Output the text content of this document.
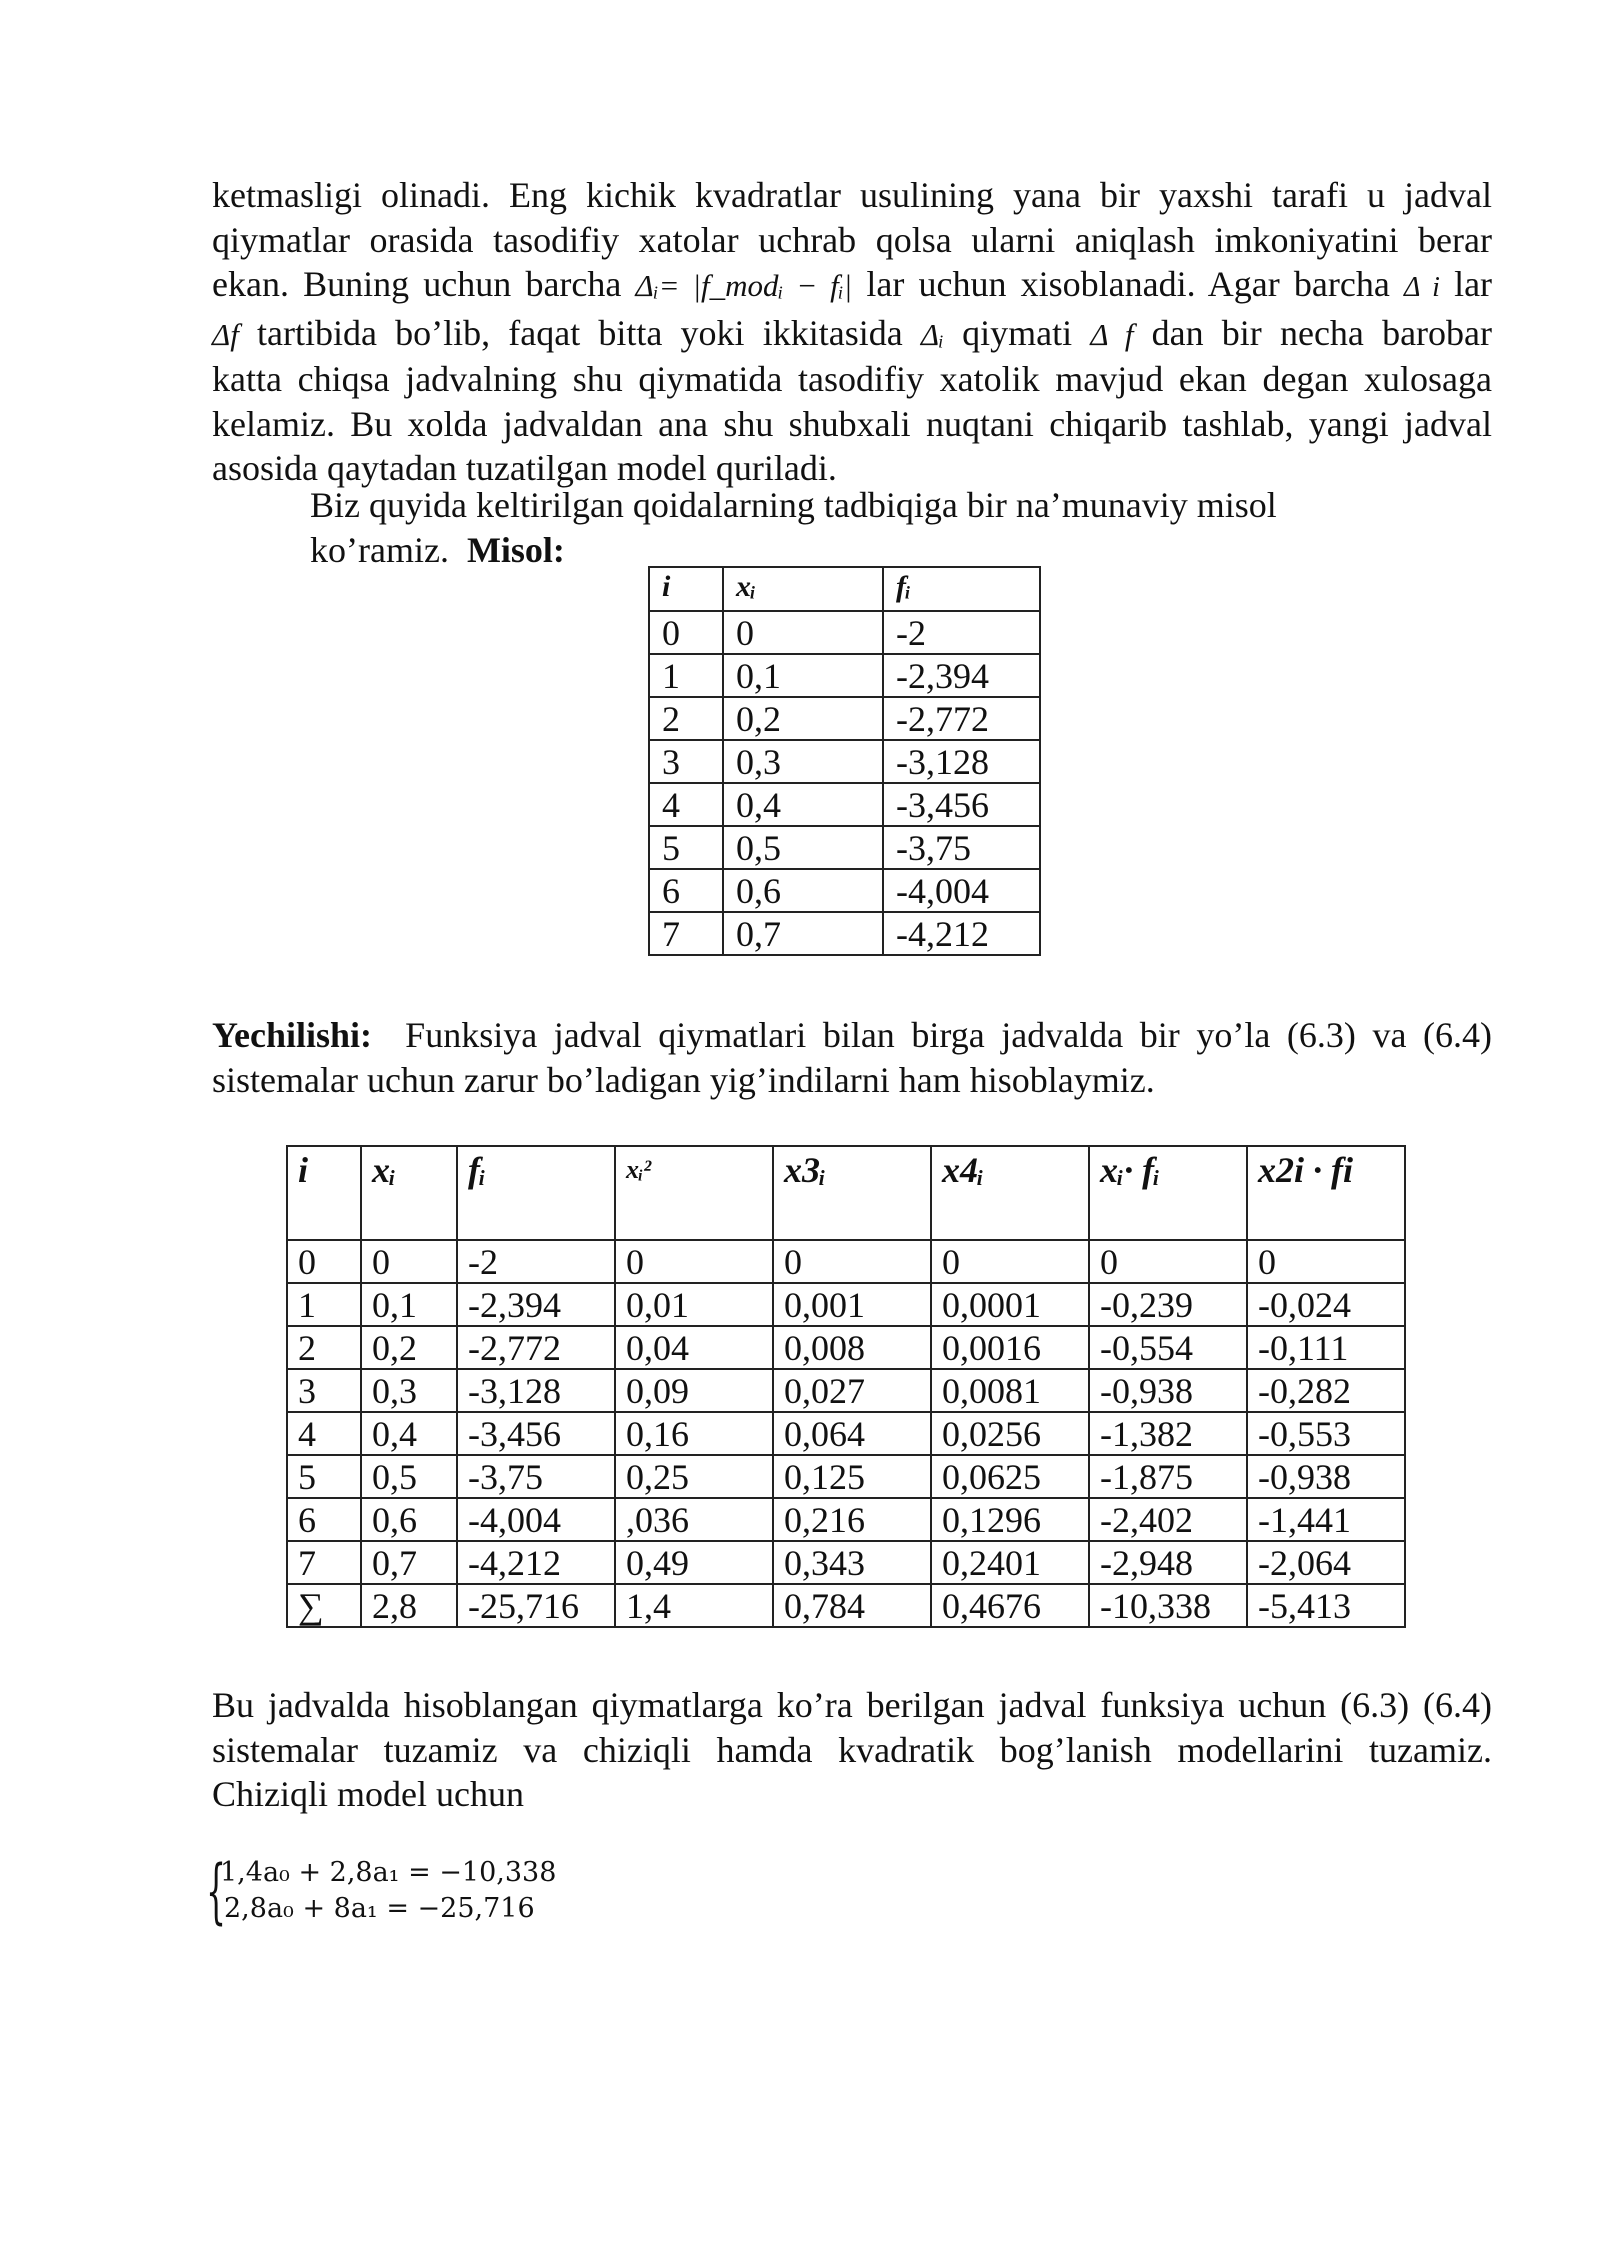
ketmasligi olinadi. Eng kichik kvadratlar usulining yana bir yaxshi tarafi u jadval
qiymatlar orasida tasodifiy xatolar uchrab qolsa ularni aniqlash imkoniyatini berar
ekan. Buning uchun barcha Δᵢ= |f_modᵢ − fᵢ| lar uchun xisoblanadi. Agar barcha Δ i lar
Δf tartibida bo’lib, faqat bitta yoki ikkitasida Δᵢ qiymati Δ f dan bir necha barobar
katta chiqsa jadvalning shu qiymatida tasodifiy xatolik mavjud ekan degan xulosaga
kelamiz. Bu xolda jadvaldan ana shu shubxali nuqtani chiqarib tashlab, yangi jadval
asosida qaytadan tuzatilgan model quriladi.
Biz quyida keltirilgan qoidalarning tadbiqiga bir na’munaviy misol
ko’ramiz. Misol:
i	xᵢ	fᵢ
0	0	-2
1	0,1	-2,394
2	0,2	-2,772
3	0,3	-3,128
4	0,4	-3,456
5	0,5	-3,75
6	0,6	-4,004
7	0,7	-4,212
Yechilishi: Funksiya jadval qiymatlari bilan birga jadvalda bir yo’la (6.3) va (6.4)
sistemalar uchun zarur bo’ladigan yig’indilarni ham hisoblaymiz.
i	xᵢ	fᵢ	xᵢ²	x3ᵢ	x4ᵢ	xᵢ· fᵢ	x2i · fi
0	0	-2	0	0	0	0	0
1	0,1	-2,394	0,01	0,001	0,0001	-0,239	-0,024
2	0,2	-2,772	0,04	0,008	0,0016	-0,554	-0,111
3	0,3	-3,128	0,09	0,027	0,0081	-0,938	-0,282
4	0,4	-3,456	0,16	0,064	0,0256	-1,382	-0,553
5	0,5	-3,75	0,25	0,125	0,0625	-1,875	-0,938
6	0,6	-4,004	,036	0,216	0,1296	-2,402	-1,441
7	0,7	-4,212	0,49	0,343	0,2401	-2,948	-2,064
∑	2,8	-25,716	1,4	0,784	0,4676	-10,338	-5,413
Bu jadvalda hisoblangan qiymatlarga ko’ra berilgan jadval funksiya uchun (6.3) (6.4)
sistemalar tuzamiz va chiziqli hamda kvadratik bog’lanish modellarini tuzamiz.
Chiziqli model uchun
{
1,4a₀ + 2,8a₁ = −10,338
2,8a₀ + 8a₁ = −25,716
